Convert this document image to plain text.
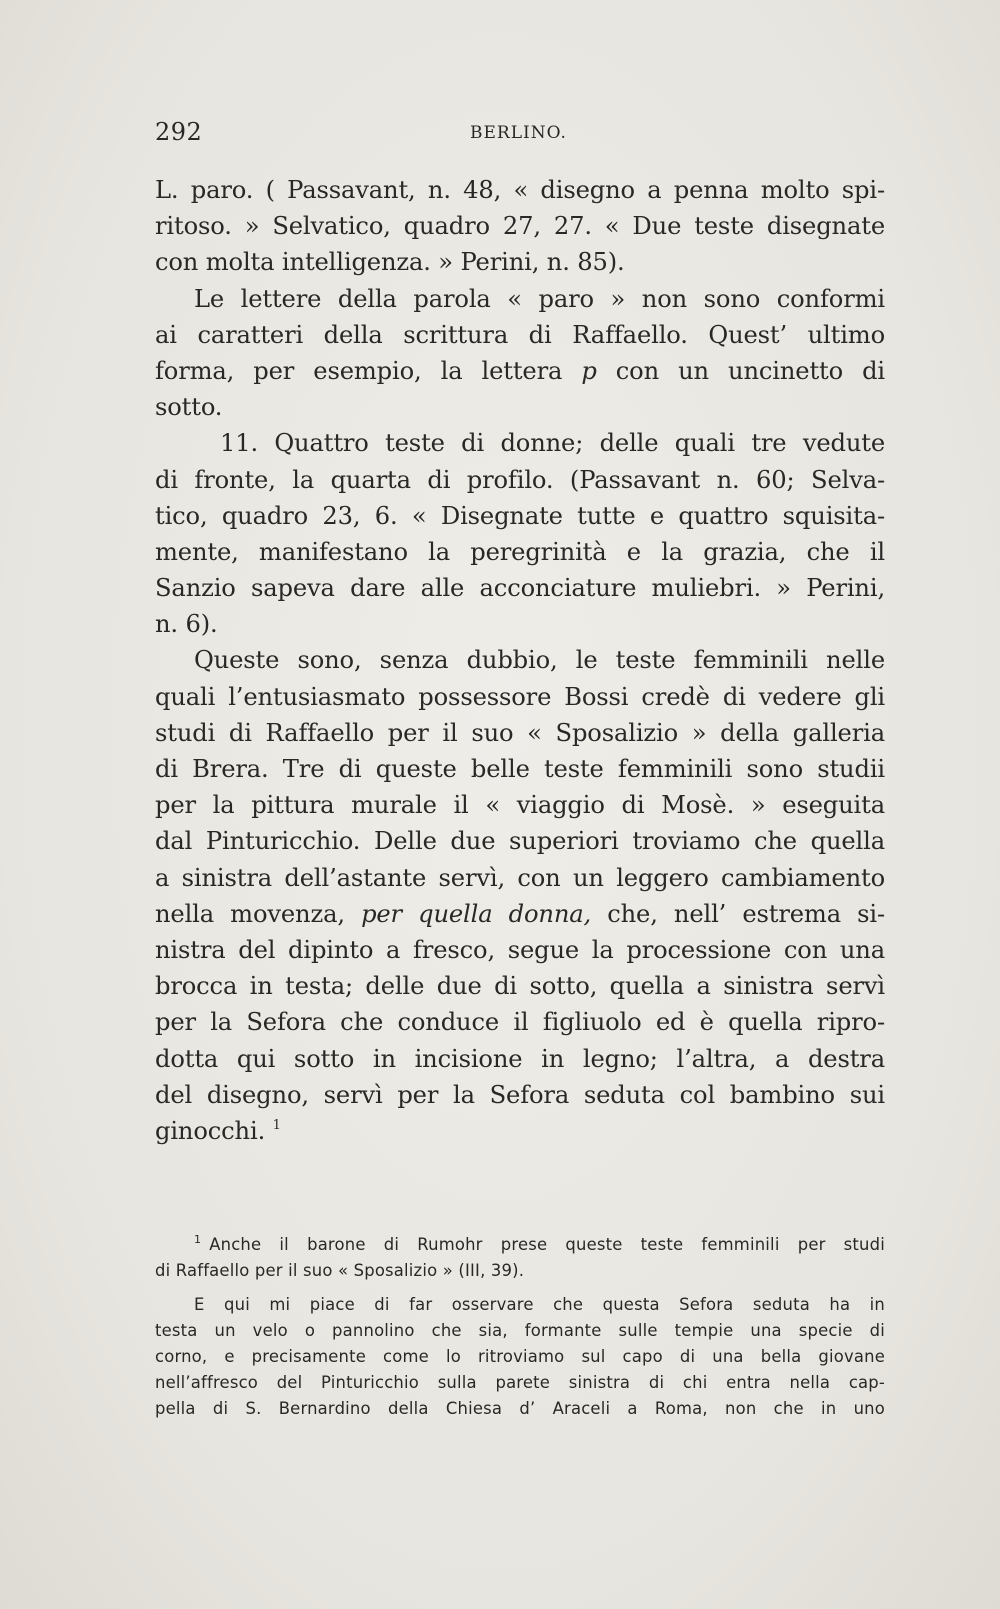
292	BERLINO.
L. paro. ( Passavant, n. 48, « disegno a penna molto spi-
ritoso. » Selvatico, quadro 27, 27. « Due teste disegnate
con molta intelligenza. » Perini, n. 85).
Le lettere della parola « paro » non sono conformi
ai caratteri della scrittura di Raffaello. Quest’ ultimo
forma, per esempio, la lettera p con un uncinetto di
sotto.
11. Quattro teste di donne; delle quali tre vedute
di fronte, la quarta di profilo. (Passavant n. 60; Selva-
tico, quadro 23, 6. « Disegnate tutte e quattro squisita-
mente, manifestano la peregrinità e la grazia, che il
Sanzio sapeva dare alle acconciature muliebri. » Perini,
n. 6).
Queste sono, senza dubbio, le teste femminili nelle
quali l’entusiasmato possessore Bossi credè di vedere gli
studi di Raffaello per il suo « Sposalizio » della galleria
di Brera. Tre di queste belle teste femminili sono studii
per la pittura murale il « viaggio di Mosè. » eseguita
dal Pinturicchio. Delle due superiori troviamo che quella
a sinistra dell’astante servì, con un leggero cambiamento
nella movenza, per quella donna, che, nell’ estrema si-
nistra del dipinto a fresco, segue la processione con una
brocca in testa; delle due di sotto, quella a sinistra servì
per la Sefora che conduce il figliuolo ed è quella ripro-
dotta qui sotto in incisione in legno; l’altra, a destra
del disegno, servì per la Sefora seduta col bambino sui
ginocchi. $^1$
$^1$ Anche il barone di Rumohr prese queste teste femminili per studi
di Raffaello per il suo « Sposalizio » (III, 39).
E qui mi piace di far osservare che questa Sefora seduta ha in
testa un velo o pannolino che sia, formante sulle tempie una specie di
corno, e precisamente come lo ritroviamo sul capo di una bella giovane
nell’affresco del Pinturicchio sulla parete sinistra di chi entra nella cap-
pella di S. Bernardino della Chiesa d’ Araceli a Roma, non che in uno
